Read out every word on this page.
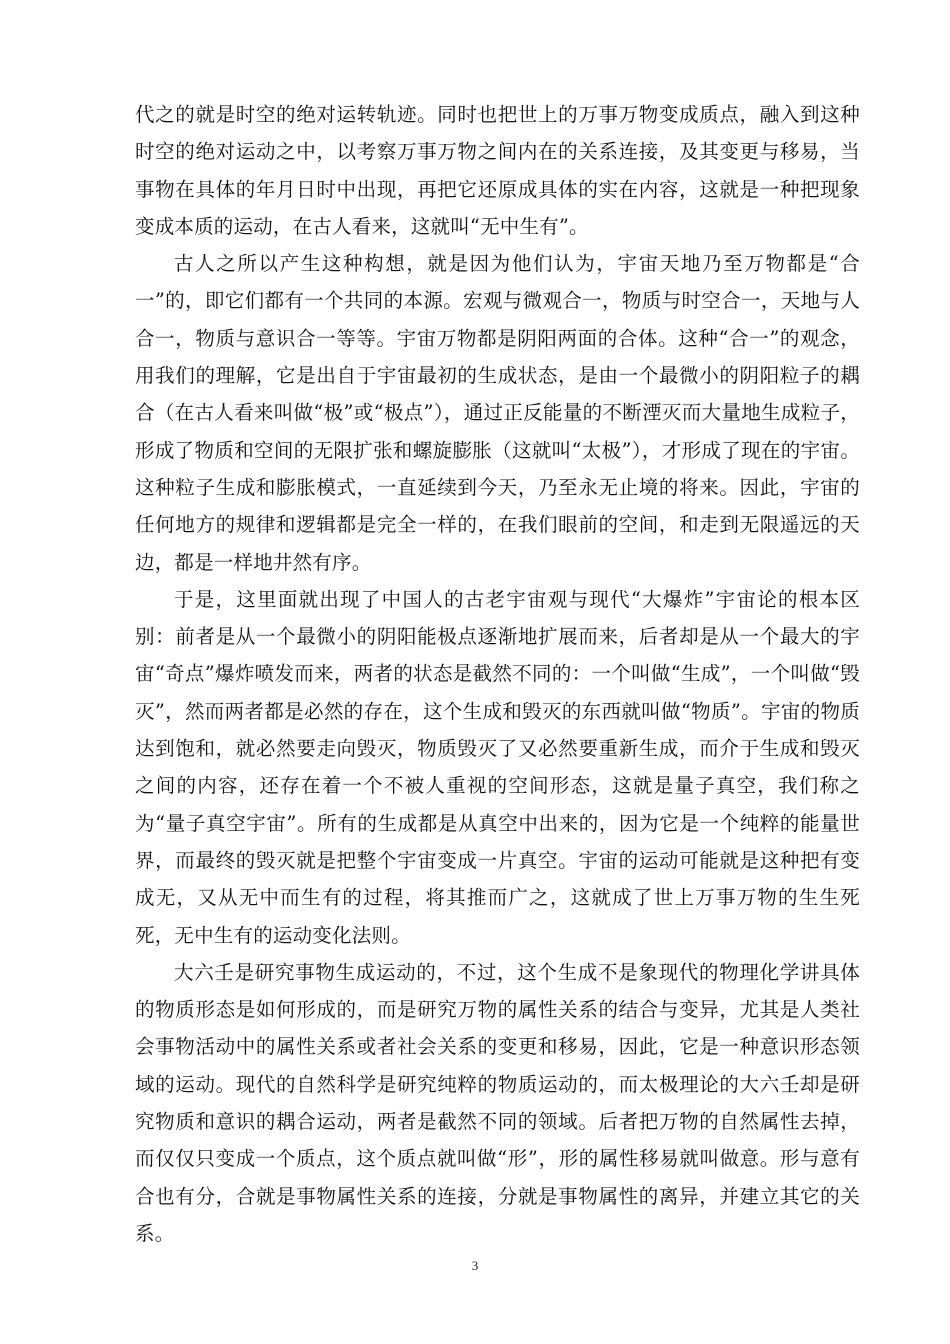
代之的就是时空的绝对运转轨迹。同时也把世上的万事万物变成质点，融入到这种时空的绝对运动之中，以考察万事万物之间内在的关系连接，及其变更与移易，当事物在具体的年月日时中出现，再把它还原成具体的实在内容，这就是一种把现象变成本质的运动，在古人看来，这就叫“无中生有”。

古人之所以产生这种构想，就是因为他们认为，宇宙天地乃至万物都是“合一”的，即它们都有一个共同的本源。宏观与微观合一，物质与时空合一，天地与人合一，物质与意识合一等等。宇宙万物都是阴阳两面的合体。这种“合一”的观念，用我们的理解，它是出自于宇宙最初的生成状态，是由一个最微小的阴阳粒子的耦合（在古人看来叫做“极”或“极点”），通过正反能量的不断湮灭而大量地生成粒子，形成了物质和空间的无限扩张和螺旋膨胀（这就叫“太极”），才形成了现在的宇宙。这种粒子生成和膨胀模式，一直延续到今天，乃至永无止境的将来。因此，宇宙的任何地方的规律和逻辑都是完全一样的，在我们眼前的空间，和走到无限遥远的天边，都是一样地井然有序。

于是，这里面就出现了中国人的古老宇宙观与现代“大爆炸”宇宙论的根本区别：前者是从一个最微小的阴阳能极点逐渐地扩展而来，后者却是从一个最大的宇宙“奇点”爆炸喷发而来，两者的状态是截然不同的：一个叫做“生成”，一个叫做“毁灭”，然而两者都是必然的存在，这个生成和毁灭的东西就叫做“物质”。宇宙的物质达到饱和，就必然要走向毁灭，物质毁灭了又必然要重新生成，而介于生成和毁灭之间的内容，还存在着一个不被人重视的空间形态，这就是量子真空，我们称之为“量子真空宇宙”。所有的生成都是从真空中出来的，因为它是一个纯粹的能量世界，而最终的毁灭就是把整个宇宙变成一片真空。宇宙的运动可能就是这种把有变成无，又从无中而生有的过程，将其推而广之，这就成了世上万事万物的生生死死，无中生有的运动变化法则。

大六壬是研究事物生成运动的，不过，这个生成不是象现代的物理化学讲具体的物质形态是如何形成的，而是研究万物的属性关系的结合与变异，尤其是人类社会事物活动中的属性关系或者社会关系的变更和移易，因此，它是一种意识形态领域的运动。现代的自然科学是研究纯粹的物质运动的，而太极理论的大六壬却是研究物质和意识的耦合运动，两者是截然不同的领域。后者把万物的自然属性去掉，而仅仅只变成一个质点，这个质点就叫做“形”，形的属性移易就叫做意。形与意有合也有分，合就是事物属性关系的连接，分就是事物属性的离异，并建立其它的关系。

3
